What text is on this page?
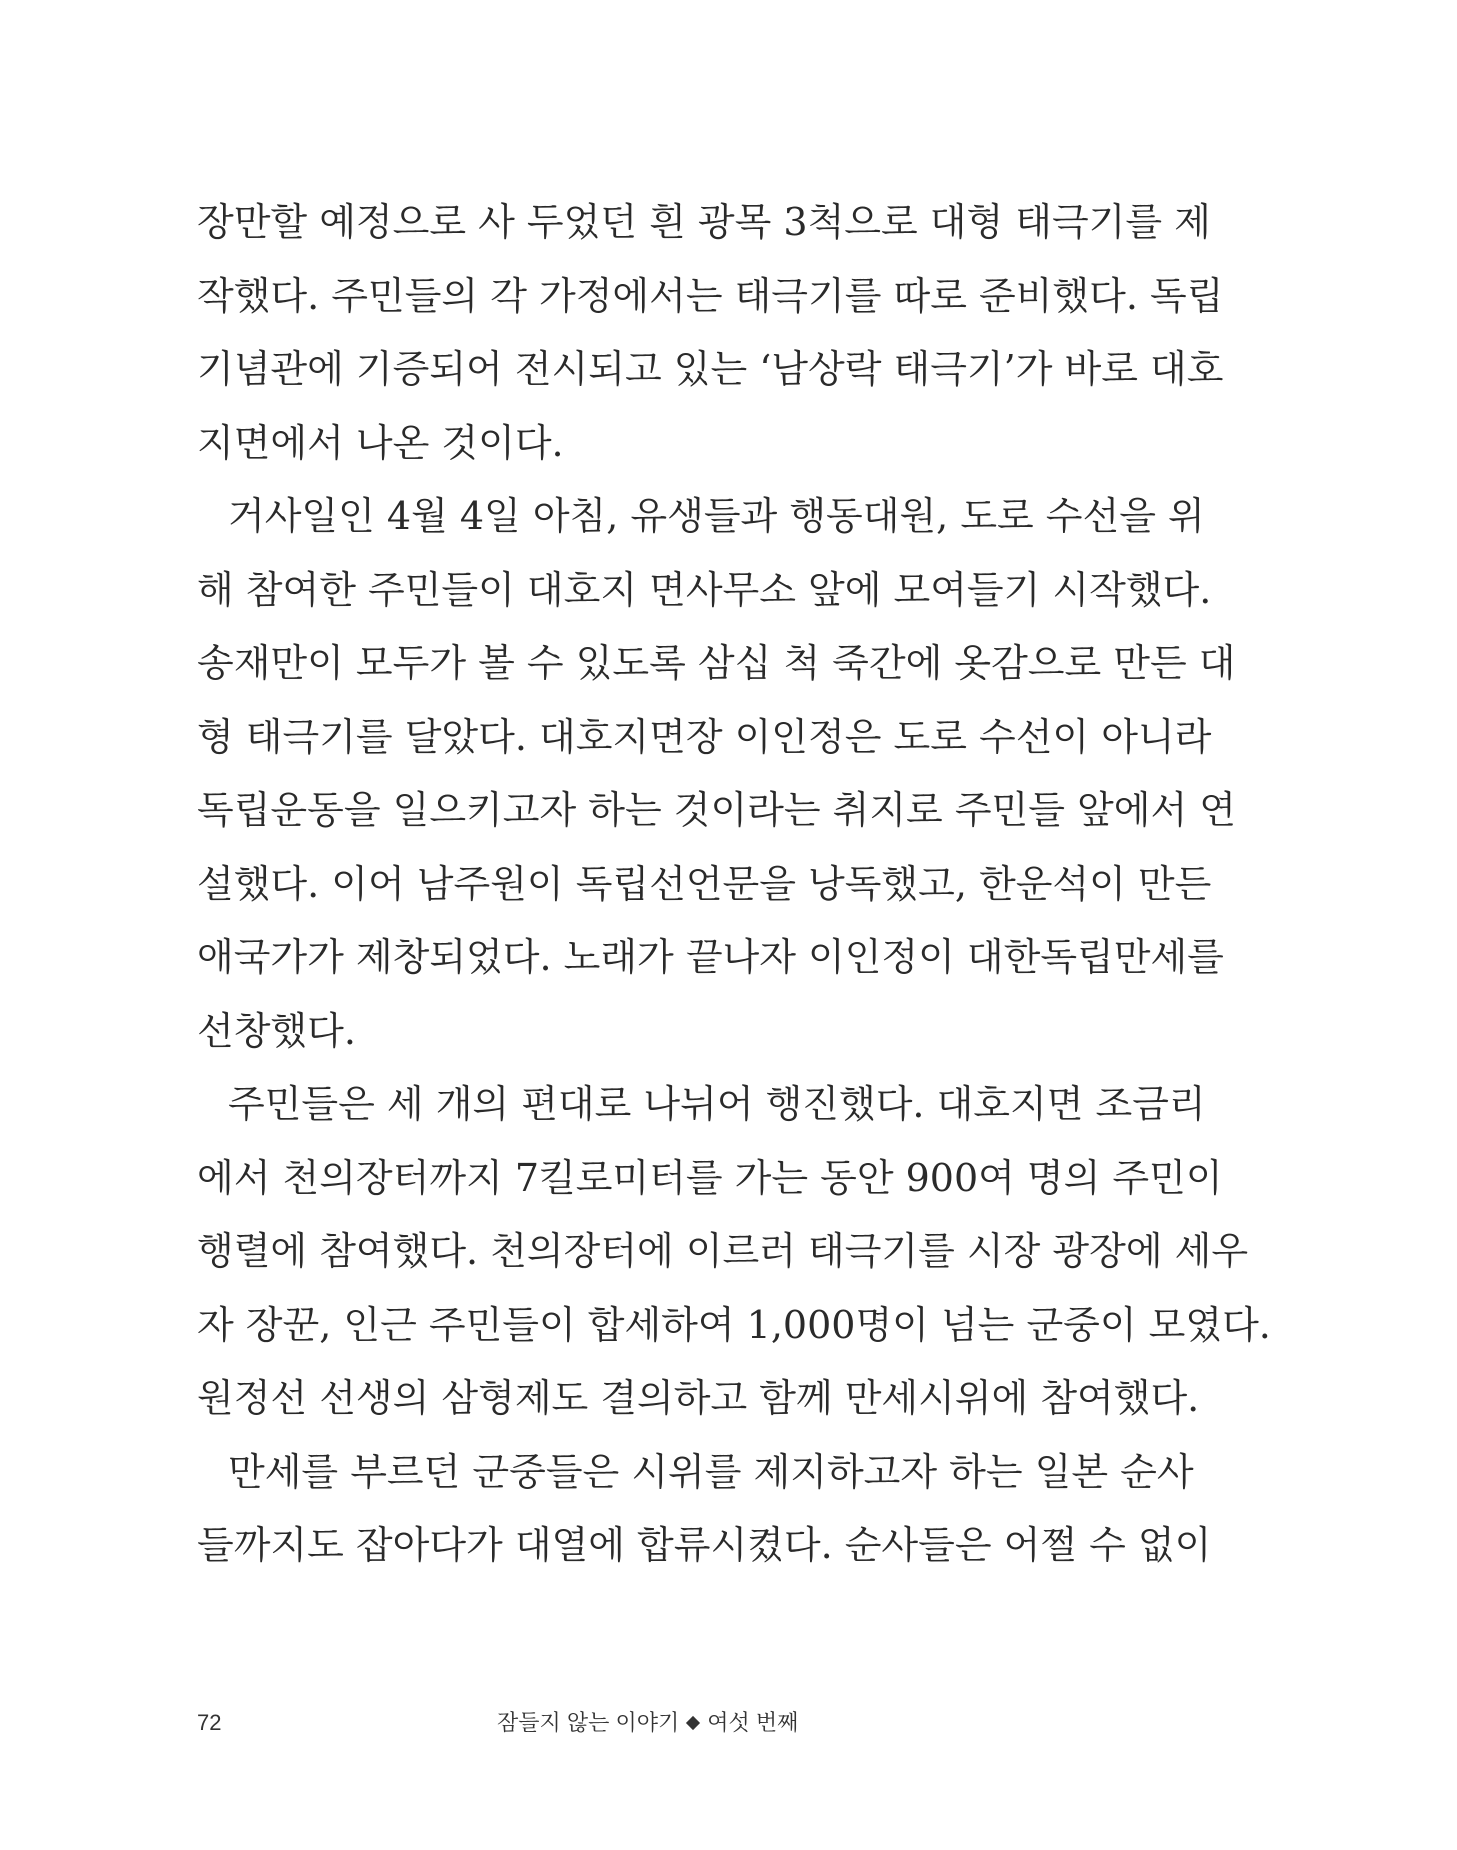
장만할 예정으로 사 두었던 흰 광목 3척으로 대형 태극기를 제
작했다. 주민들의 각 가정에서는 태극기를 따로 준비했다. 독립
기념관에 기증되어 전시되고 있는 ‘남상락 태극기’가 바로 대호
지면에서 나온 것이다.
거사일인 4월 4일 아침, 유생들과 행동대원, 도로 수선을 위
해 참여한 주민들이 대호지 면사무소 앞에 모여들기 시작했다.
송재만이 모두가 볼 수 있도록 삼십 척 죽간에 옷감으로 만든 대
형 태극기를 달았다. 대호지면장 이인정은 도로 수선이 아니라
독립운동을 일으키고자 하는 것이라는 취지로 주민들 앞에서 연
설했다. 이어 남주원이 독립선언문을 낭독했고, 한운석이 만든
애국가가 제창되었다. 노래가 끝나자 이인정이 대한독립만세를
선창했다.
주민들은 세 개의 편대로 나뉘어 행진했다. 대호지면 조금리
에서 천의장터까지 7킬로미터를 가는 동안 900여 명의 주민이
행렬에 참여했다. 천의장터에 이르러 태극기를 시장 광장에 세우
자 장꾼, 인근 주민들이 합세하여 1,000명이 넘는 군중이 모였다.
원정선 선생의 삼형제도 결의하고 함께 만세시위에 참여했다.
만세를 부르던 군중들은 시위를 제지하고자 하는 일본 순사
들까지도 잡아다가 대열에 합류시켰다. 순사들은 어쩔 수 없이
72	잠들지 않는 이야기 여섯 번째
